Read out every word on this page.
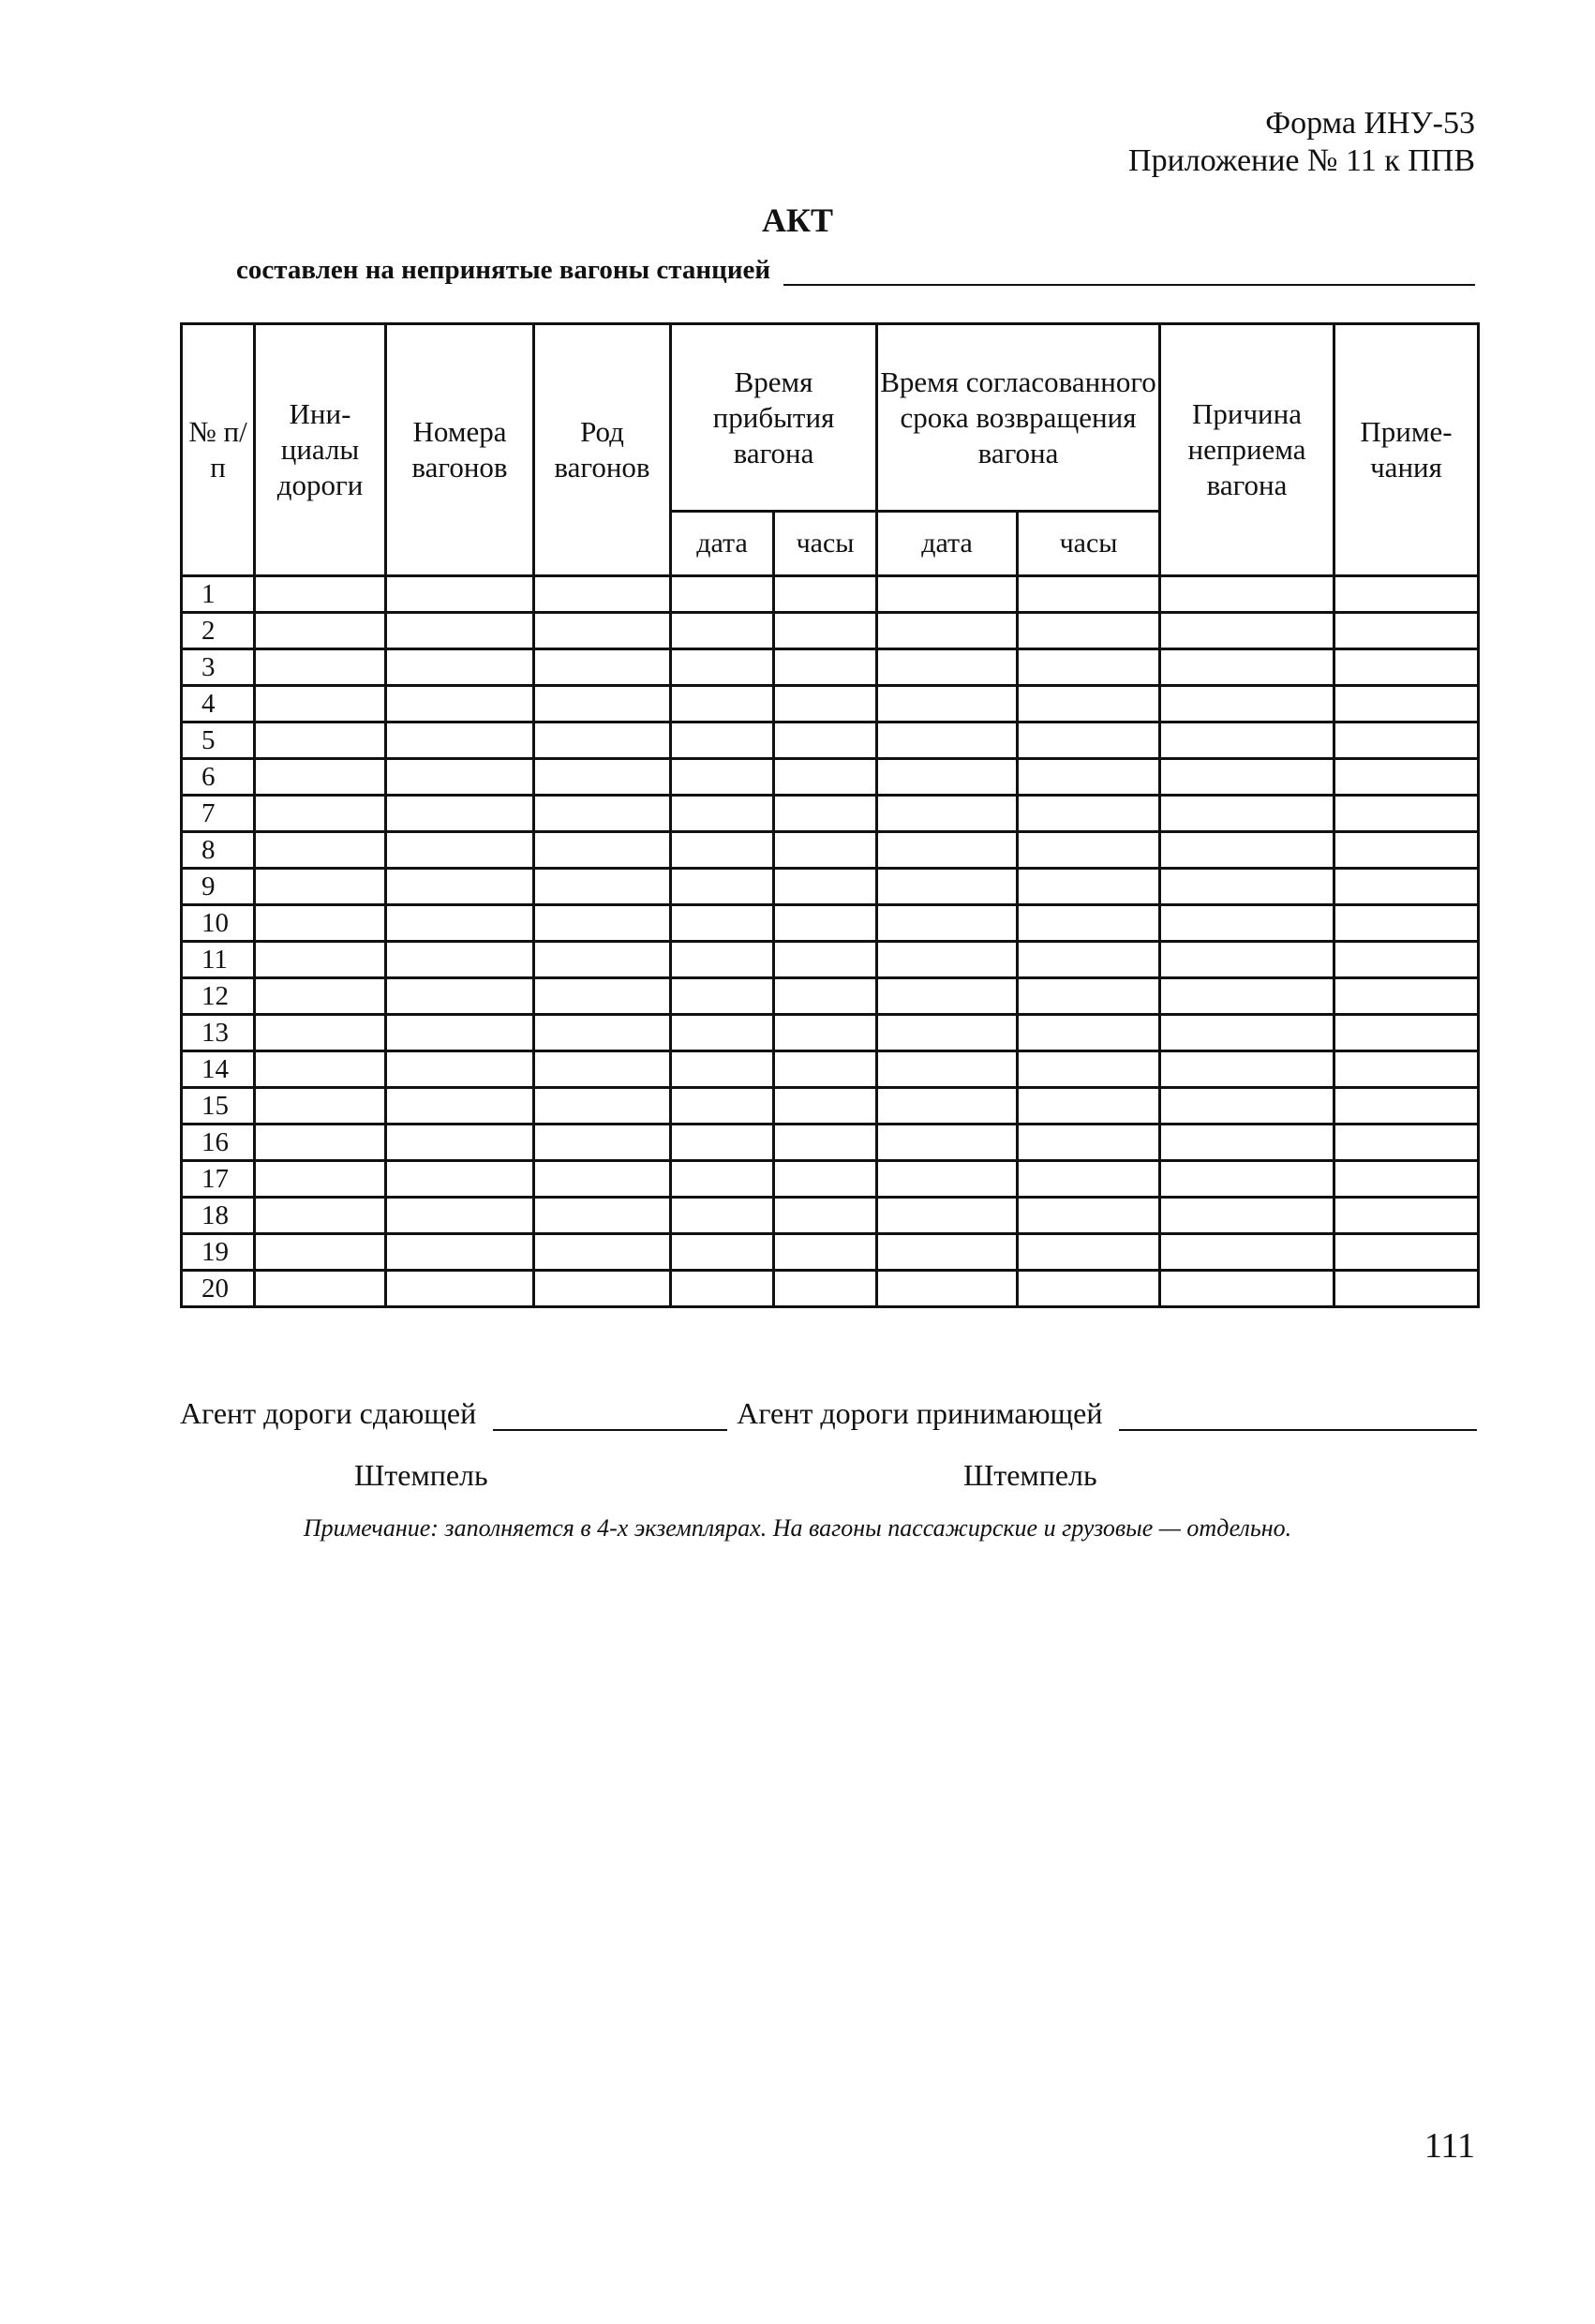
Форма ИНУ-53
Приложение № 11 к ППВ
АКТ
составлен на непринятые вагоны станцией
№ п/п	Ини-циалы дороги	Номера вагонов	Род вагонов	Время прибытия вагона		Время согласованного срока возвращения вагона		Причина неприема вагона	Приме-чания
				дата	часы	дата	часы		
1									
2									
3									
4									
5									
6									
7									
8									
9									
10									
11									
12									
13									
14									
15									
16									
17									
18									
19									
20									
Агент дороги сдающей	Агент дороги принимающей
Штемпель	Штемпель
Примечание: заполняется в 4-х экземплярах. На вагоны пассажирские и грузовые — отдельно.
111
